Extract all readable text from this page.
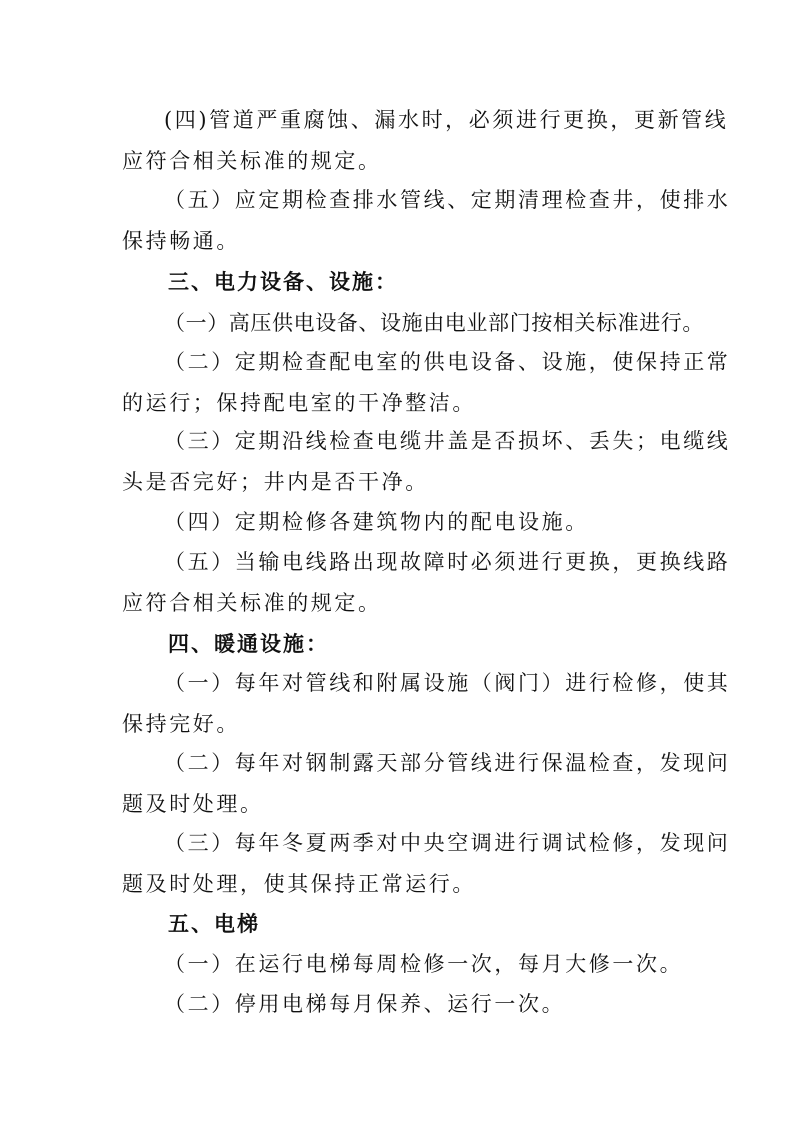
(四)管道严重腐蚀、漏水时，必须进行更换，更新管线
应符合相关标准的规定。
（五）应定期检查排水管线、定期清理检查井，使排水
保持畅通。
三、电力设备、设施：
（一）高压供电设备、设施由电业部门按相关标准进行。
（二）定期检查配电室的供电设备、设施，使保持正常
的运行；保持配电室的干净整洁。
（三）定期沿线检查电缆井盖是否损坏、丢失；电缆线
头是否完好；井内是否干净。
（四）定期检修各建筑物内的配电设施。
（五）当输电线路出现故障时必须进行更换，更换线路
应符合相关标准的规定。
四、暖通设施：
（一）每年对管线和附属设施（阀门）进行检修，使其
保持完好。
（二）每年对钢制露天部分管线进行保温检查，发现问
题及时处理。
（三）每年冬夏两季对中央空调进行调试检修，发现问
题及时处理，使其保持正常运行。
五、电梯
（一）在运行电梯每周检修一次，每月大修一次。
（二）停用电梯每月保养、运行一次。
